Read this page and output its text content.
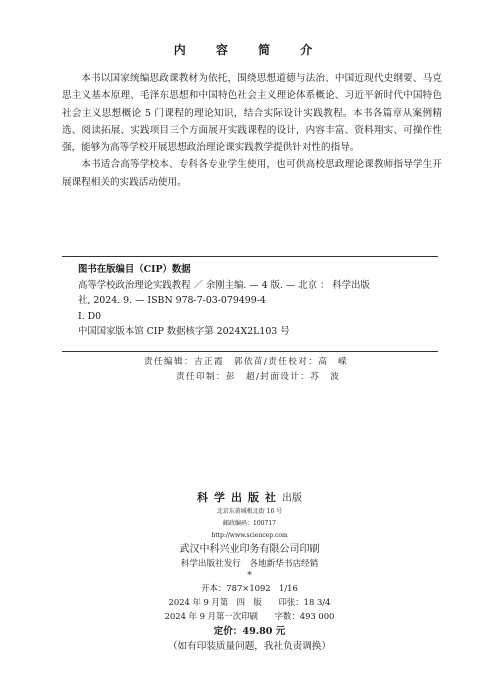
内 容 简 介

本书以国家统编思政课教材为依托，围绕思想道德与法治、中国近现代史纲要、马克思主义基本原理、毛泽东思想和中国特色社会主义理论体系概论、习近平新时代中国特色社会主义思想概论 5 门课程的理论知识，结合实际设计实践教程。本书各篇章从案例精选、阅读拓展、实践项目三个方面展开实践课程的设计，内容丰富、资料翔实、可操作性强，能够为高等学校开展思想政治理论课实践教学提供针对性的指导。

本书适合高等学校本、专科各专业学生使用，也可供高校思政理论课教师指导学生开展课程相关的实践活动使用。

图书在版编目（CIP）数据
高等学校政治理论实践教程 ／ 余刚主编. — 4 版. — 北京 ： 科学出版
社, 2024. 9. — ISBN 978-7-03-079499-4
I. D0
中国国家版本馆 CIP 数据核字第 2024X2L103 号
责任编辑：吉正霞　郭依苗/责任校对：高　嵘
责任印制：彭　超/封面设计：苏　波
科学出版社出版
北京东黄城根北街 16 号
邮政编码：100717
http://www.sciencep.com
武汉中科兴业印务有限公司印刷
科学出版社发行　各地新华书店经销
*
开本：787×1092　1/16
2024 年 9 月第　四　版　　印张：18 3/4
2024 年 9 月第一次印刷　　字数：493 000
定价：49.80 元
（如有印装质量问题，我社负责调换）
